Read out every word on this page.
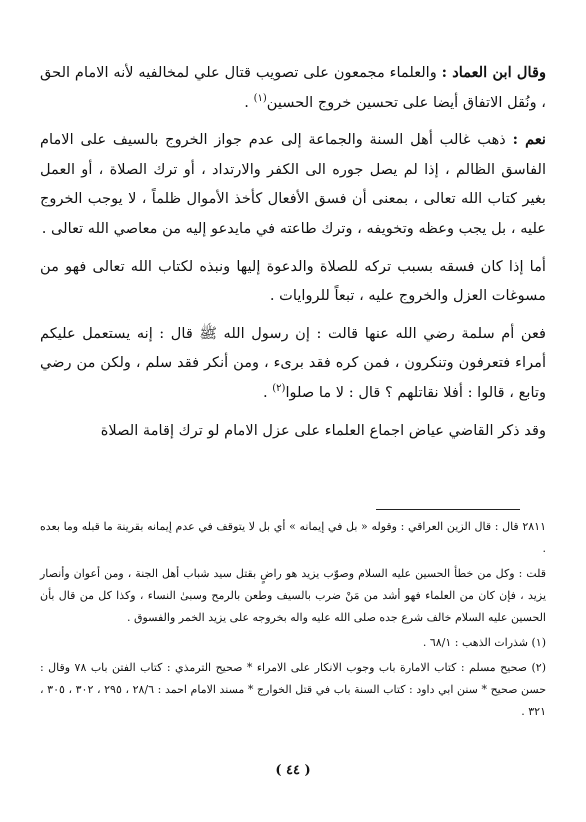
وقال ابن العماد : والعلماء مجمعون على تصويب قتال علي لمخالفيه لأنه الامام الحق ، ونُقل الاتفاق أيضا على تحسين خروج الحسين$^{(١)}$ .

نعم : ذهب غالب أهل السنة والجماعة إلى عدم جواز الخروج بالسيف على الامام الفاسق الظالم ، إذا لم يصل جوره الى الكفر والارتداد ، أو ترك الصلاة ، أو العمل بغير كتاب الله تعالى ، بمعنى أن فسق الأفعال كأخذ الأموال ظلماً ، لا يوجب الخروج عليه ، بل يجب وعظه وتخويفه ، وترك طاعته في مايدعو إليه من معاصي الله تعالى .

أما إذا كان فسقه بسبب تركه للصلاة والدعوة إليها ونبذه لكتاب الله تعالى فهو من مسوغات العزل والخروج عليه ، تبعاً للروايات .

فعن أم سلمة رضي الله عنها قالت : إن رسول الله ﷺ قال : إنه يستعمل عليكم أمراء فتعرفون وتنكرون ، فمن كره فقد برىء ، ومن أنكر فقد سلم ، ولكن من رضي وتابع ، قالوا : أفلا نقاتلهم ؟ قال : لا ما صلوا$^{(٢)}$ .

وقد ذكر القاضي عياض اجماع العلماء على عزل الامام لو ترك إقامة الصلاة

٢٨١١ قال : قال الزين العراقي : وقوله « بل في إيمانه » أي بل لا يتوقف في عدم إيمانه بقرينة ما قبله وما بعده .

قلت : وكل من خطأ الحسين عليه السلام وصوّب يزيد هو راضٍ بقتل سيد شباب أهل الجنة ، ومن أعوان وأنصار يزيد ، فإن كان من العلماء فهو أشد من مَنْ ضرب بالسيف وطعن بالرمح وسبىٰ النساء ، وكذا كل من قال بأن الحسين عليه السلام خالف شرع جده صلى الله عليه واله بخروجه على يزيد الخمر والفسوق .

(١) شذرات الذهب : ٦٨/١ .

(٢) صحيح مسلم : كتاب الامارة باب وجوب الانكار على الامراء * صحيح الترمذي : كتاب الفتن باب ٧٨ وقال : حسن صحيح * سنن ابي داود : كتاب السنة باب في قتل الخوارج * مسند الامام احمد : ٢٨/٦ ، ٢٩٥ ، ٣٠٢ ، ٣٠٥ ، ٣٢١ .

( ٤٤ )
